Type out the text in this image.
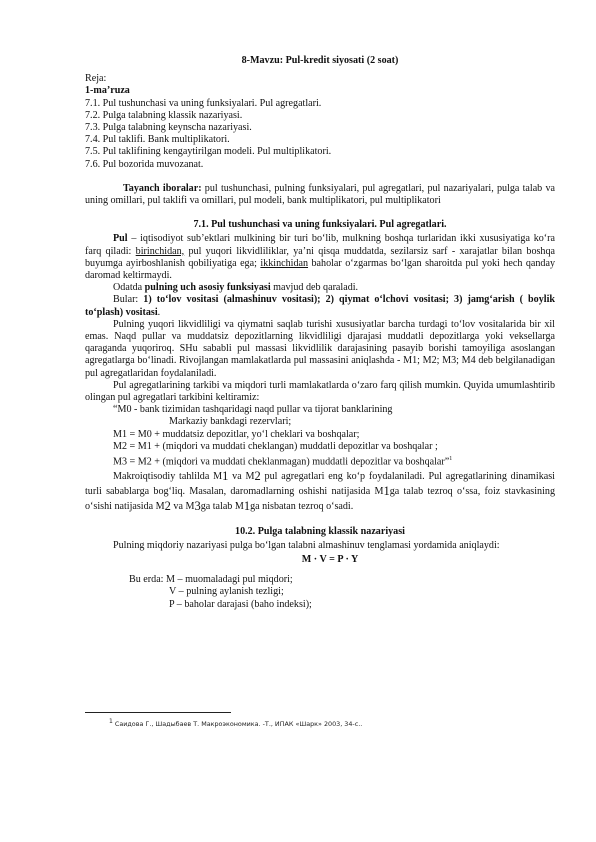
8-Mavzu: Pul-kredit siyosati (2 soat)
Reja:
1-ma’ruza
7.1. Pul tushunchasi va uning funksiyalari. Pul agregatlari.
7.2. Pulga talabning klassik nazariyasi.
7.3. Pulga talabning keynscha nazariyasi.
7.4. Pul taklifi. Bank multiplikatori.
7.5. Pul taklifining kengaytirilgan modeli. Pul multiplikatori.
7.6. Pul bozorida muvozanat.
Tayanch iboralar: pul tushunchasi, pulning funksiyalari, pul agregatlari, pul nazariyalari, pulga talab va uning omillari, pul taklifi va omillari, pul modeli, bank multiplikatori, pul multiplikatori
7.1. Pul tushunchasi va uning funksiyalari. Pul agregatlari.
Pul – iqtisodiyot sub’ektlari mulkining bir turi bo‘lib, mulkning boshqa turlaridan ikki xususiyatiga ko‘ra farq qiladi: birinchidan, pul yuqori likvidliliklar, ya’ni qisqa muddatda, sezilarsiz sarf - xarajatlar bilan boshqa buyumga ayirboshlanish qobiliyatiga ega; ikkinchidan baholar o‘zgarmas bo‘lgan sharoitda pul yoki hech qanday daromad keltirmaydi.
Odatda pulning uch asosiy funksiyasi mavjud deb qaraladi.
Bular: 1) to‘lov vositasi (almashinuv vositasi); 2) qiymat o‘lchovi vositasi; 3) jamg‘arish ( boylik to‘plash) vositasi.
Pulning yuqori likvidliligi va qiymatni saqlab turishi xususiyatlar barcha turdagi to‘lov vositalarida bir xil emas. Naqd pullar va muddatsiz depozitlarning likvidliligi djarajasi muddatli depozitlarga yoki veksellarga qaraganda yuqoriroq. SHu sababli pul massasi likvidlilik darajasining pasayib borishi tamoyiliga asoslangan agregatlarga bo‘linadi. Rivojlangan mamlakatlarda pul massasini aniqlashda - M1; M2; M3; M4 deb belgilanadigan pul agregatlaridan foydalaniladi.
Pul agregatlarining tarkibi va miqdori turli mamlakatlarda o‘zaro farq qilish mumkin. Quyida umumlashtirib olingan pul agregatlari tarkibini keltiramiz:
“M0 - bank tizimidan tashqaridagi naqd pullar va tijorat banklarining
Markaziy bankdagi rezervlari;
M1 = M0 + muddatsiz depozitlar, yo‘l cheklari va boshqalar;
M2 = M1 + (miqdori va muddati cheklangan) muddatli depozitlar va boshqalar ;
M3 = M2 + (miqdori va muddati cheklanmagan) muddatli depozitlar va boshqalar”$^1$
Makroiqtisodiy tahlilda M1 va M2 pul agregatlari eng ko‘p foydalaniladi. Pul agregatlarining dinamikasi turli sabablarga bog‘liq. Masalan, daromadlarning oshishi natijasida M1ga talab tezroq o‘ssa, foiz stavkasining o‘sishi natijasida M2 va M3ga talab M1ga nisbatan tezroq o‘sadi.
10.2. Pulga talabning klassik nazariyasi
Pulning miqdoriy nazariyasi pulga bo‘lgan talabni almashinuv tenglamasi yordamida aniqlaydi:
M · V = P · Y
Bu erda: M – muomaladagi pul miqdori;
V – pulning aylanish tezligi;
P – baholar darajasi (baho indeksi);
$^1$ Саидова Г., Шадыбаев Т. Макроэкономика. -Т., ИПАК «Шарк» 2003, 34-с..
